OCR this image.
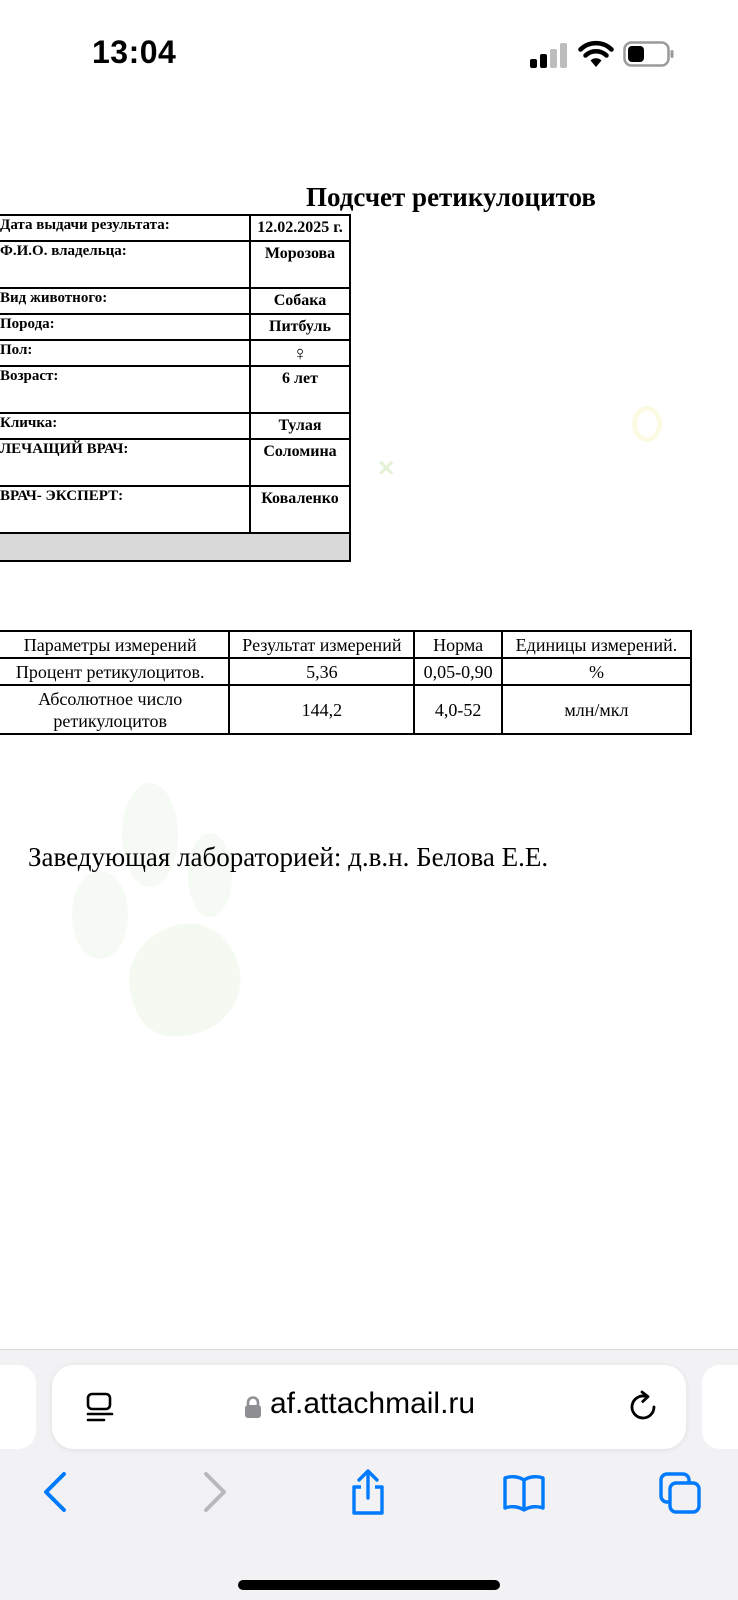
13:04
×
Подсчет ретикулоцитов
Дата выдачи результата:	12.02.2025 г.
Ф.И.О. владельца:	Морозова
Вид животного:	Собака
Порода:	Питбуль
Пол:	♀
Возраст:	6 лет
Кличка:	Тулая
ЛЕЧАЩИЙ ВРАЧ:	Соломина
ВРАЧ- ЭКСПЕРТ:	Коваленко

Параметры измерений	Результат измерений	Норма	Единицы измерений.
Процент ретикулоцитов.	5,36	0,05-0,90	%
Абсолютное число ретикулоцитов	144,2	4,0-52	млн/мкл
Заведующая лабораторией: д.в.н. Белова Е.Е.
af.attachmail.ru
